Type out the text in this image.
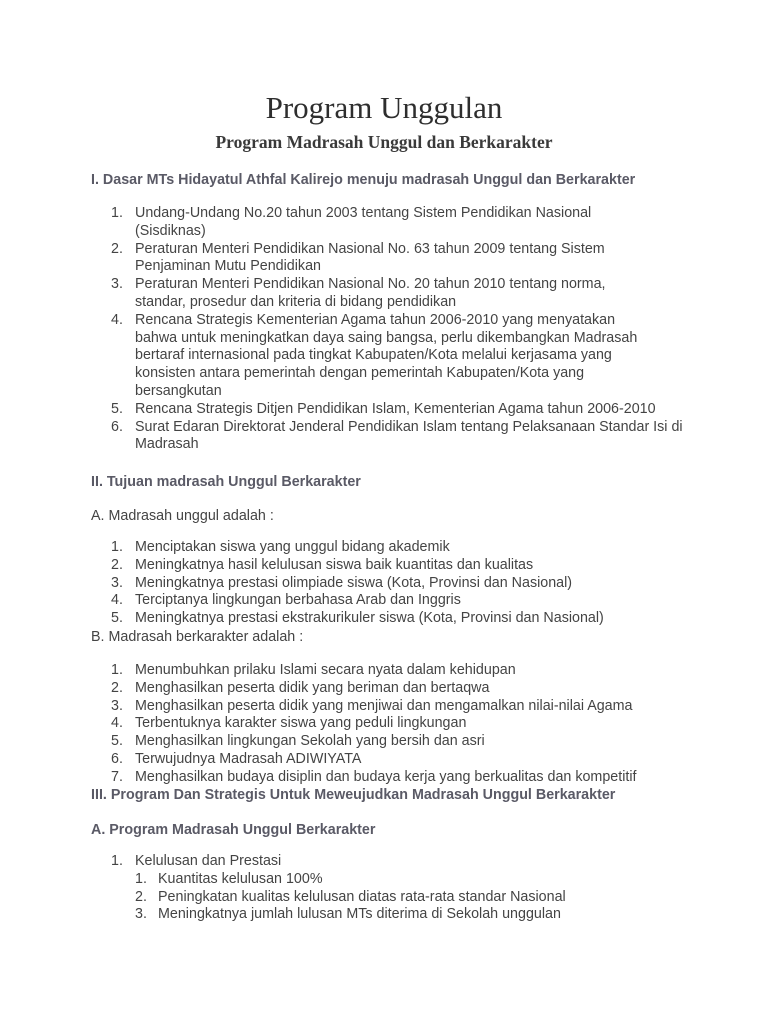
Program Unggulan
Program Madrasah Unggul dan Berkarakter
I. Dasar MTs Hidayatul Athfal Kalirejo menuju madrasah Unggul dan Berkarakter
1. Undang-Undang No.20 tahun 2003 tentang Sistem Pendidikan Nasional (Sisdiknas)
2. Peraturan Menteri Pendidikan Nasional No. 63 tahun 2009 tentang Sistem Penjaminan Mutu Pendidikan
3. Peraturan Menteri Pendidikan Nasional No. 20 tahun 2010 tentang norma, standar, prosedur dan kriteria di bidang pendidikan
4. Rencana Strategis Kementerian Agama tahun 2006-2010 yang menyatakan bahwa untuk meningkatkan daya saing bangsa, perlu dikembangkan Madrasah bertaraf internasional pada tingkat Kabupaten/Kota melalui kerjasama yang konsisten antara pemerintah dengan pemerintah Kabupaten/Kota yang bersangkutan
5. Rencana Strategis Ditjen Pendidikan Islam, Kementerian Agama tahun 2006-2010
6. Surat Edaran Direktorat Jenderal Pendidikan Islam tentang Pelaksanaan Standar Isi di Madrasah
II. Tujuan madrasah Unggul Berkarakter
A. Madrasah unggul adalah :
1. Menciptakan siswa yang unggul bidang akademik
2. Meningkatnya hasil kelulusan siswa baik kuantitas dan kualitas
3. Meningkatnya prestasi olimpiade siswa (Kota, Provinsi dan Nasional)
4. Terciptanya lingkungan berbahasa Arab dan Inggris
5. Meningkatnya prestasi ekstrakurikuler siswa (Kota, Provinsi dan Nasional)
B. Madrasah berkarakter adalah :
1. Menumbuhkan prilaku Islami secara nyata dalam kehidupan
2. Menghasilkan peserta didik yang beriman dan bertaqwa
3. Menghasilkan peserta didik yang menjiwai dan mengamalkan nilai-nilai Agama
4. Terbentuknya karakter siswa yang peduli lingkungan
5. Menghasilkan lingkungan Sekolah yang bersih dan asri
6. Terwujudnya Madrasah ADIWIYATA
7. Menghasilkan budaya disiplin dan budaya kerja yang berkualitas dan kompetitif
III. Program Dan Strategis Untuk Meweujudkan Madrasah Unggul Berkarakter
A. Program Madrasah Unggul Berkarakter
1. Kelulusan dan Prestasi
1. Kuantitas kelulusan 100%
2. Peningkatan kualitas kelulusan diatas rata-rata standar Nasional
3. Meningkatnya jumlah lulusan MTs diterima di Sekolah unggulan
